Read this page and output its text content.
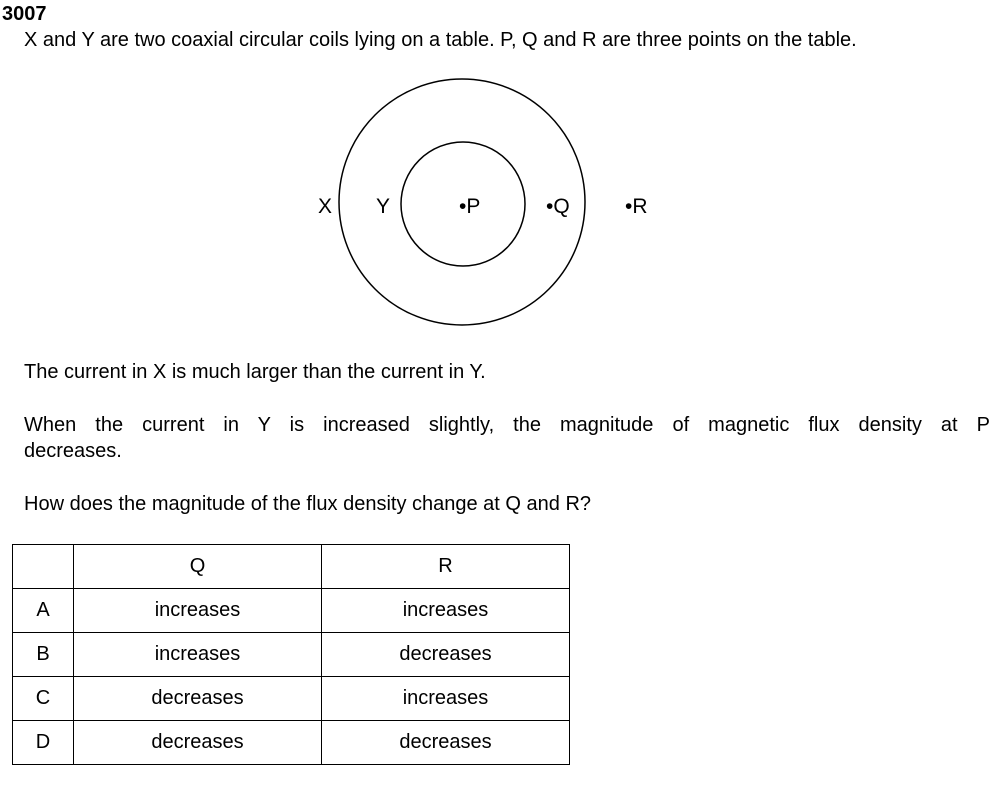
3007
X and Y are two coaxial circular coils lying on a table. P, Q and R are three points on the table.
X Y	•P	•Q	•R
The current in X is much larger than the current in Y.
When the current in Y is increased slightly, the magnitude of magnetic flux density at P
decreases.
How does the magnitude of the flux density change at Q and R?
	Q	R
A	increases	increases
B	increases	decreases
C	decreases	increases
D	decreases	decreases
